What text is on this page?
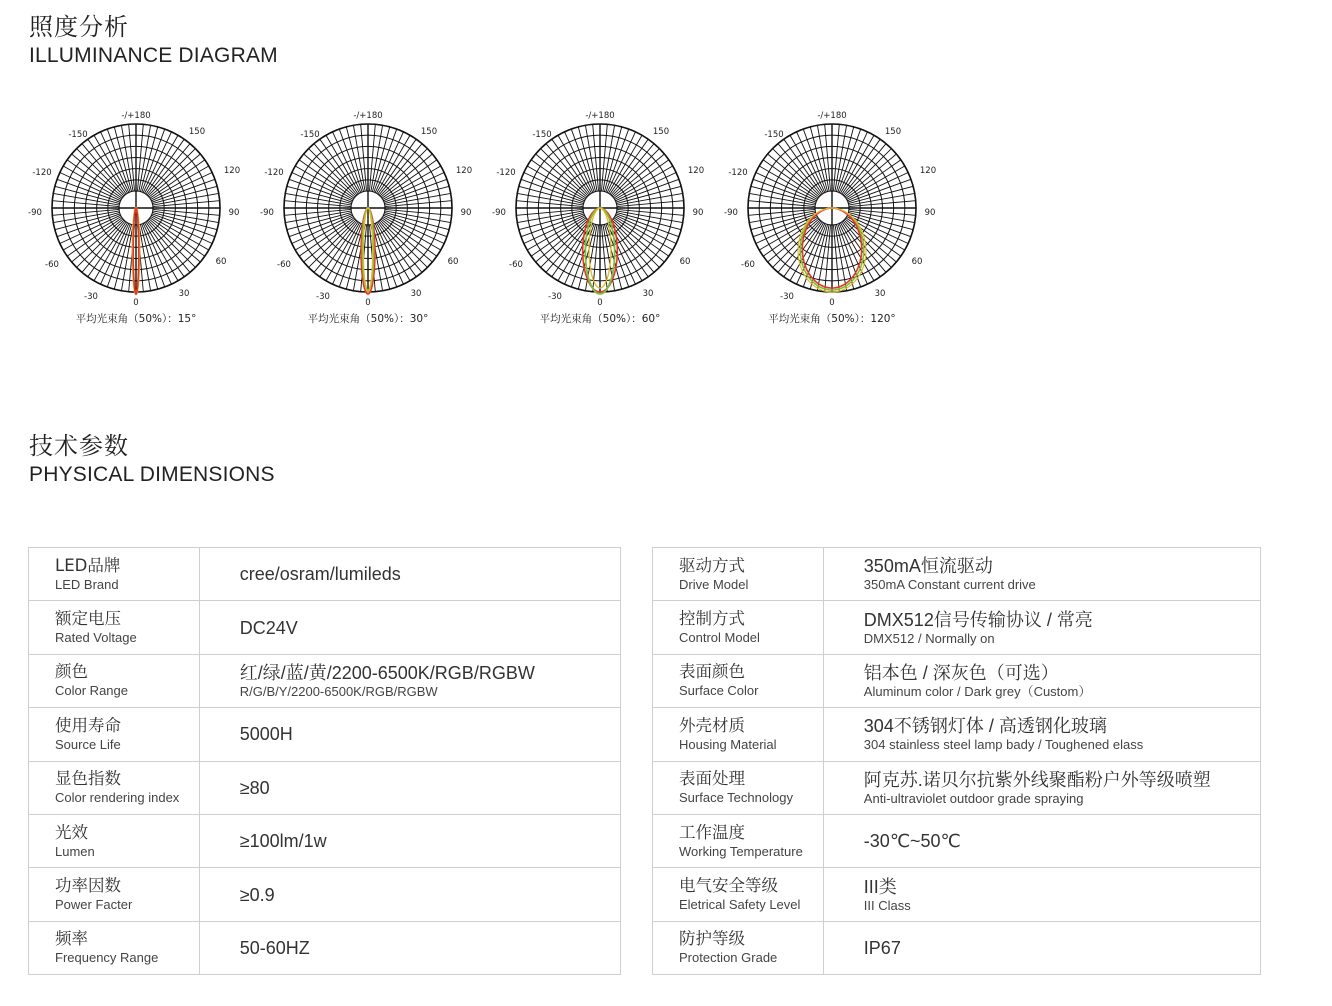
照度分析
ILLUMINANCE DIAGRAM
-/+180
150
-150
120
-120
90
-90
60
-60
30
-30
0
平均光束角（50%）：15°
-/+180
150
-150
120
-120
90
-90
60
-60
30
-30
0
平均光束角（50%）：30°
-/+180
150
-150
120
-120
90
-90
60
-60
30
-30
0
平均光束角（50%）：60°
-/+180
150
-150
120
-120
90
-90
60
-60
30
-30
0
平均光束角（50%）：120°
技术参数
PHYSICAL DIMENSIONS
LED品牌
LED Brand	cree/osram/lumileds

额定电压
Rated Voltage	DC24V

颜色
Color Range	红/绿/蓝/黄/2200-6500K/RGB/RGBW
R/G/B/Y/2200-6500K/RGB/RGBW

使用寿命
Source Life	5000H

显色指数
Color rendering index	≥80

光效
Lumen	≥100lm/1w

功率因数
Power Facter	≥0.9

频率
Frequency Range	50-60HZ
驱动方式
Drive Model	350mA恒流驱动
350mA Constant current drive

控制方式
Control Model	DMX512信号传输协议 / 常亮
DMX512 / Normally on

表面颜色
Surface Color	铝本色 / 深灰色（可选）
Aluminum color / Dark grey（Custom）

外壳材质
Housing Material	304不锈钢灯体 / 高透钢化玻璃
304 stainless steel lamp bady / Toughened elass

表面处理
Surface Technology	阿克苏.诺贝尔抗紫外线聚酯粉户外等级喷塑
Anti-ultraviolet outdoor grade spraying

工作温度
Working Temperature	-30℃~50℃

电气安全等级
Eletrical Safety Level	III类
III Class

防护等级
Protection Grade	IP67
